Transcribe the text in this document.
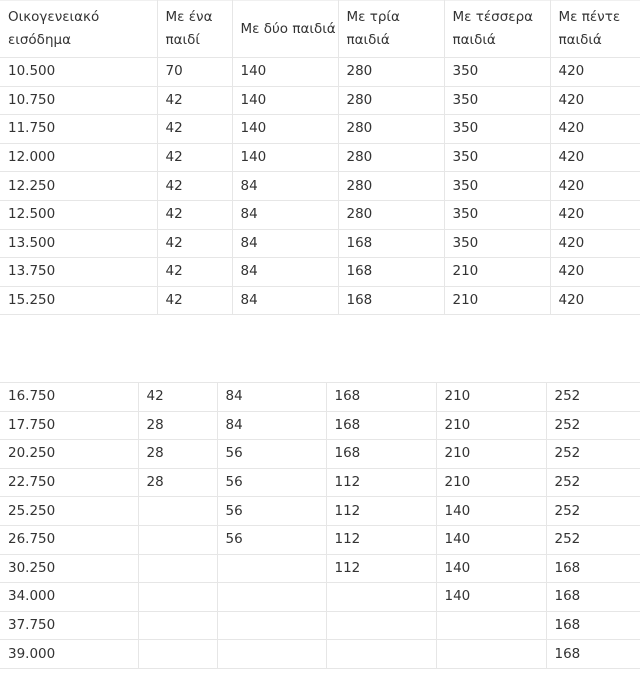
Οικογενειακό εισόδημα	Με ένα παιδί	Με δύο παιδιά	Με τρία παιδιά	Με τέσσερα παιδιά	Με πέντε παιδιά
10.500	70	140	280	350	420
10.750	42	140	280	350	420
11.750	42	140	280	350	420
12.000	42	140	280	350	420
12.250	42	84	280	350	420
12.500	42	84	280	350	420
13.500	42	84	168	350	420
13.750	42	84	168	210	420
15.250	42	84	168	210	420
16.750	42	84	168	210	252
17.750	28	84	168	210	252
20.250	28	56	168	210	252
22.750	28	56	112	210	252
25.250		56	112	140	252
26.750		56	112	140	252
30.250			112	140	168
34.000				140	168
37.750					168
39.000					168
